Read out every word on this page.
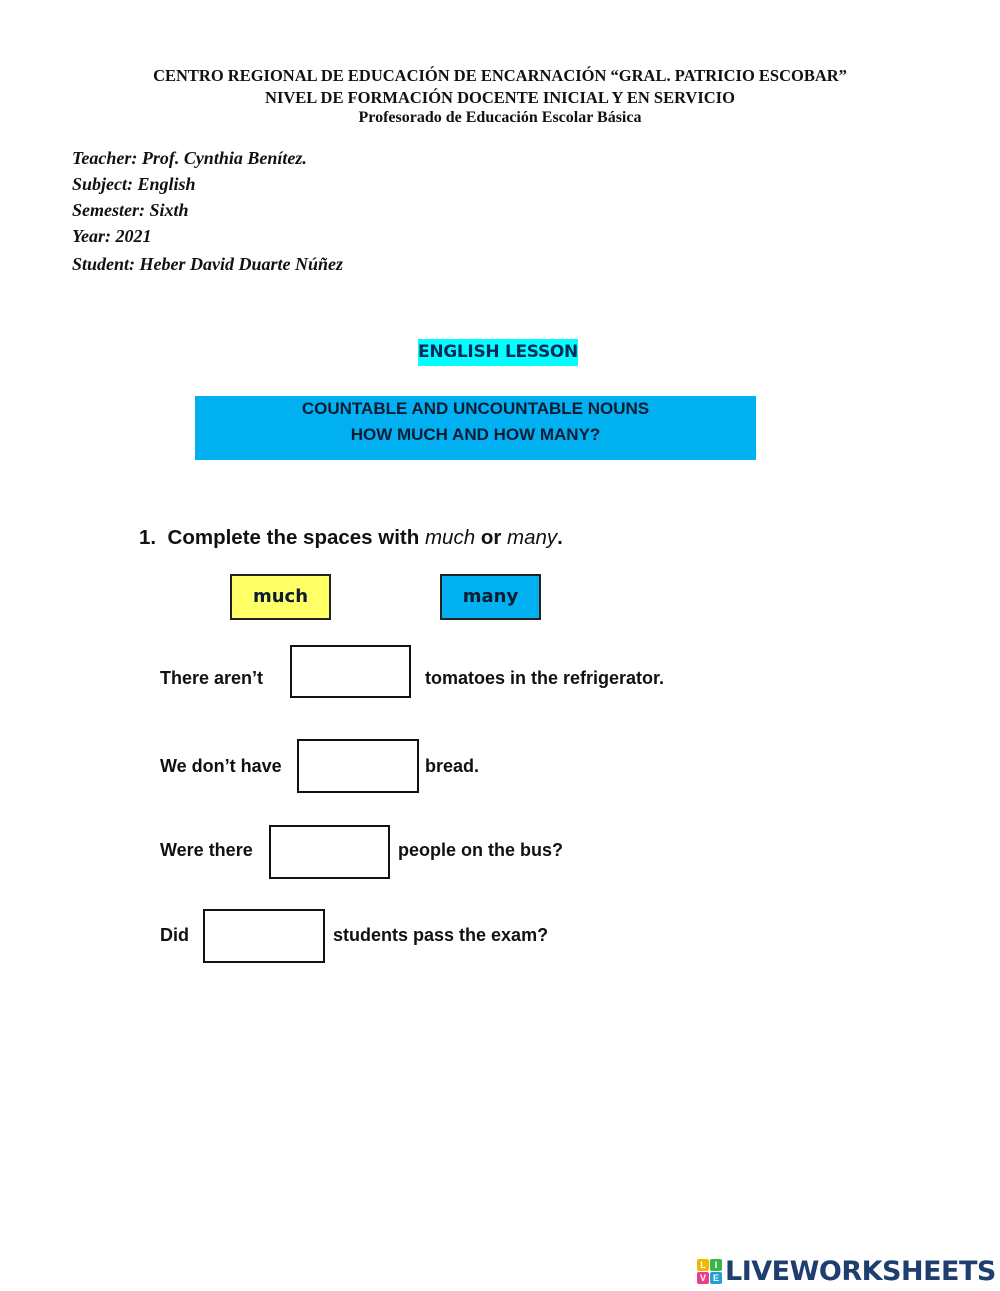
CENTRO REGIONAL DE EDUCACIÓN DE ENCARNACIÓN “GRAL. PATRICIO ESCOBAR”
NIVEL DE FORMACIÓN DOCENTE INICIAL Y EN SERVICIO
Profesorado de Educación Escolar Básica
Teacher: Prof. Cynthia Benítez.
Subject: English
Semester: Sixth
Year: 2021
Student: Heber David Duarte Núñez
ENGLISH LESSON
COUNTABLE AND UNCOUNTABLE NOUNS
HOW MUCH AND HOW MANY?
1. Complete the spaces with much or many.
much	many
There aren’t	tomatoes in the refrigerator.
We don’t have	bread.
Were there	people on the bus?
Did	students pass the exam?
L I
V E LIVEWORKSHEETS
